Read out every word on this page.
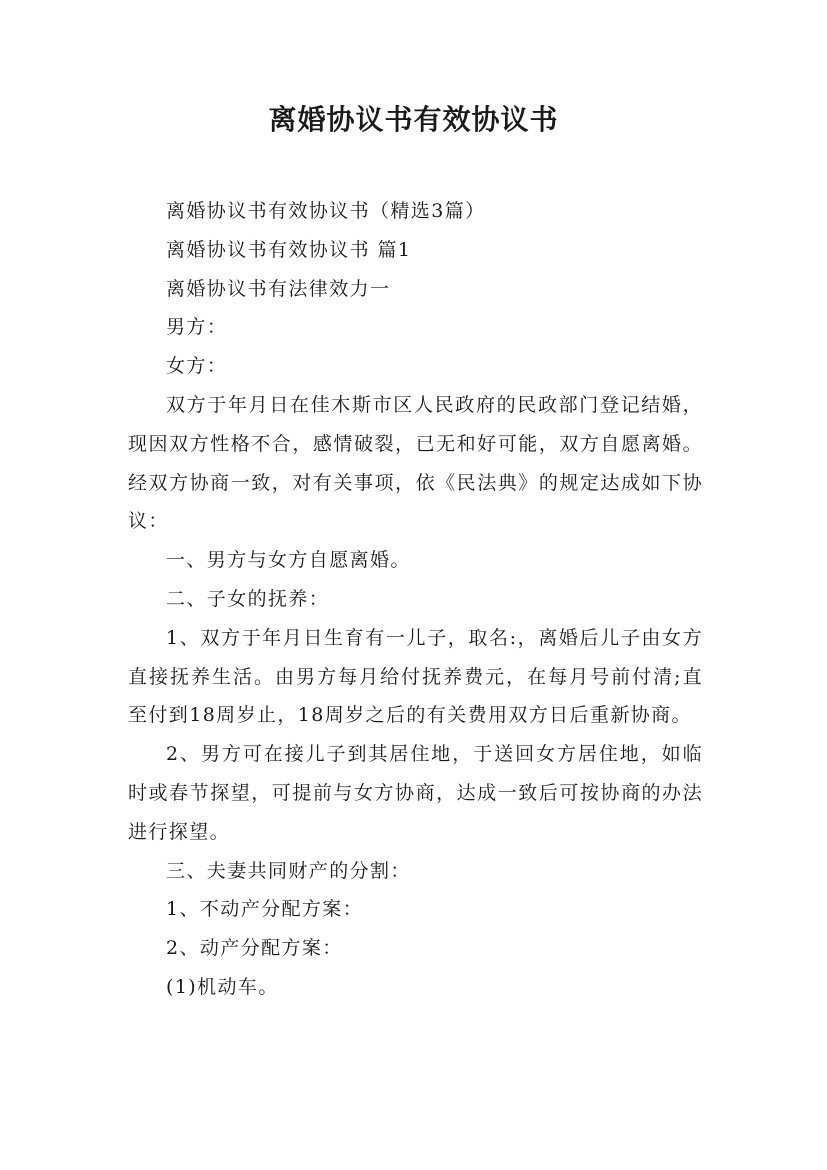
离婚协议书有效协议书

离婚协议书有效协议书（精选3篇）

离婚协议书有效协议书 篇1

离婚协议书有法律效力一

男方：

女方：

双方于年月日在佳木斯市区人民政府的民政部门登记结婚，现因双方性格不合，感情破裂，已无和好可能，双方自愿离婚。经双方协商一致，对有关事项，依《民法典》的规定达成如下协议：

一、男方与女方自愿离婚。

二、子女的抚养：

1、双方于年月日生育有一儿子，取名:，离婚后儿子由女方直接抚养生活。由男方每月给付抚养费元，在每月号前付清;直至付到18周岁止，18周岁之后的有关费用双方日后重新协商。

2、男方可在接儿子到其居住地，于送回女方居住地，如临时或春节探望，可提前与女方协商，达成一致后可按协商的办法进行探望。

三、夫妻共同财产的分割：

1、不动产分配方案：

2、动产分配方案：

(1)机动车。
